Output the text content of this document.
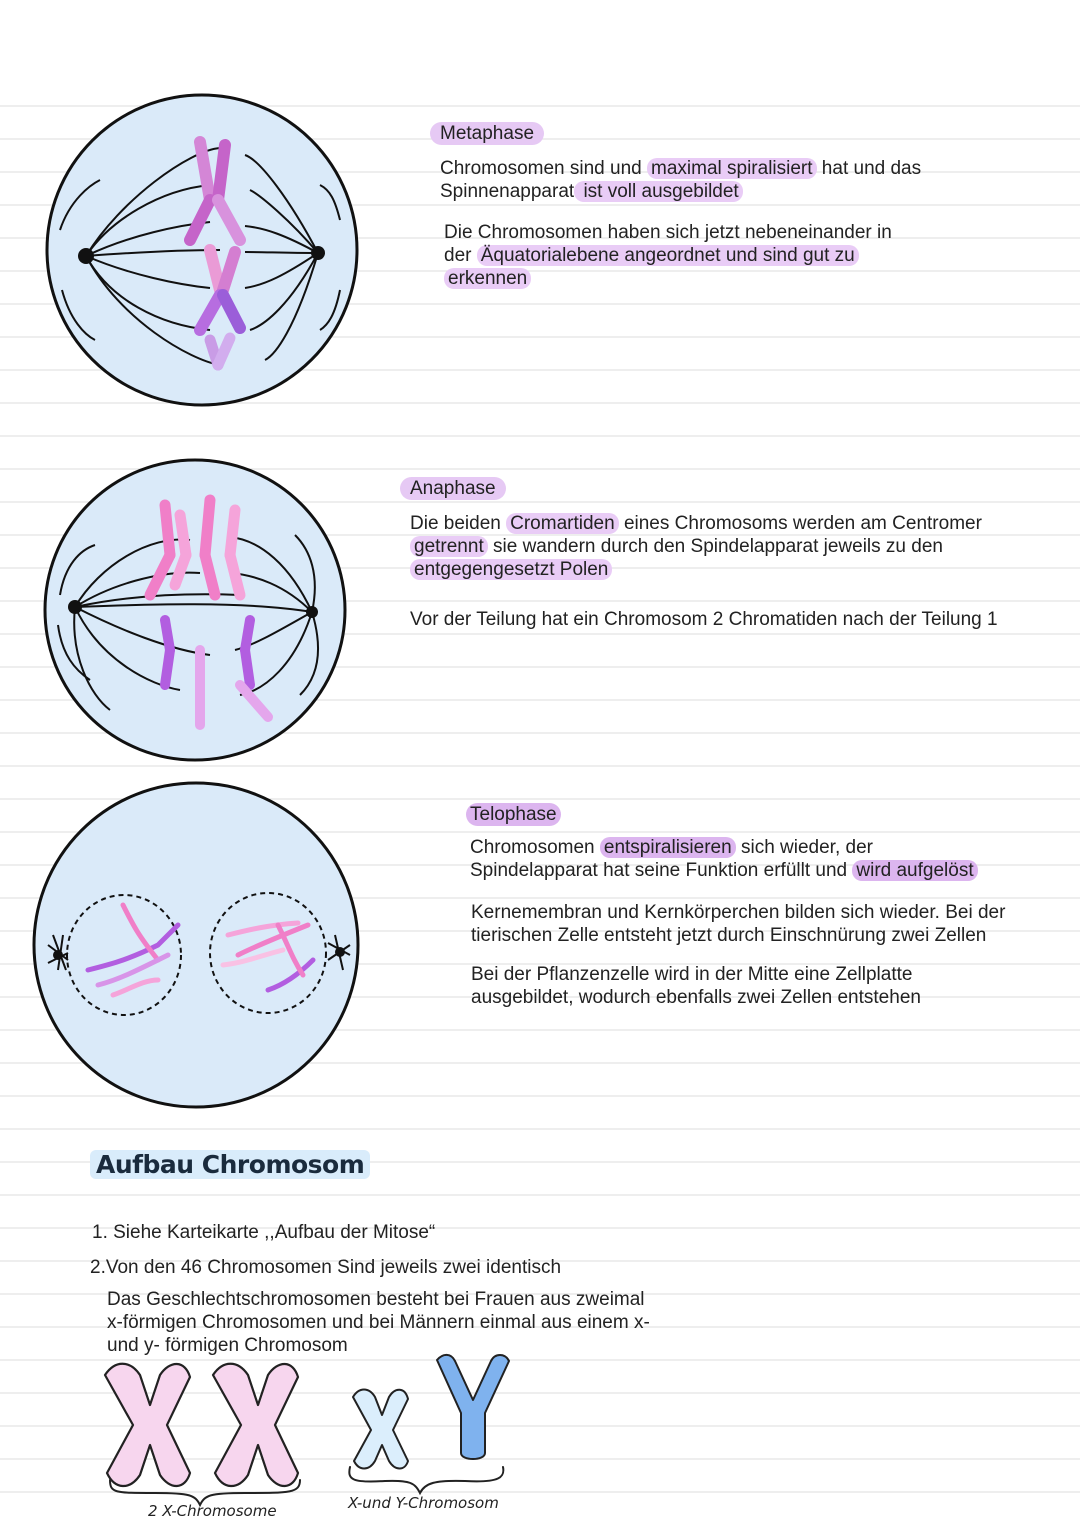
Metaphase

Chromosomen sind und maximal spiralisiert hat und das

Spinnenapparat ist voll ausgebildet

Die Chromosomen haben sich jetzt nebeneinander in

der Äquatorialebene angeordnet und sind gut zu

erkennen

Anaphase

Die beiden Cromartiden eines Chromosoms werden am Centromer

getrennt sie wandern durch den Spindelapparat jeweils zu den

entgegengesetzt Polen

Vor der Teilung hat ein Chromosom 2 Chromatiden nach der Teilung 1

Telophase

Chromosomen entspiralisieren sich wieder, der

Spindelapparat hat seine Funktion erfüllt und wird aufgelöst

Kernemembran und Kernkörperchen bilden sich wieder. Bei der

tierischen Zelle entsteht jetzt durch Einschnürung zwei Zellen

Bei der Pflanzenzelle wird in der Mitte eine Zellplatte

ausgebildet, wodurch ebenfalls zwei Zellen entstehen

Aufbau Chromosom

1. Siehe Karteikarte ,,Aufbau der Mitose“

2.Von den 46 Chromosomen Sind jeweils zwei identisch

Das Geschlechtschromosomen besteht bei Frauen aus zweimal

x-förmigen Chromosomen und bei Männern einmal aus einem x-

und y- förmigen Chromosom

2 X-Chromosome	X-und Y-Chromosom
